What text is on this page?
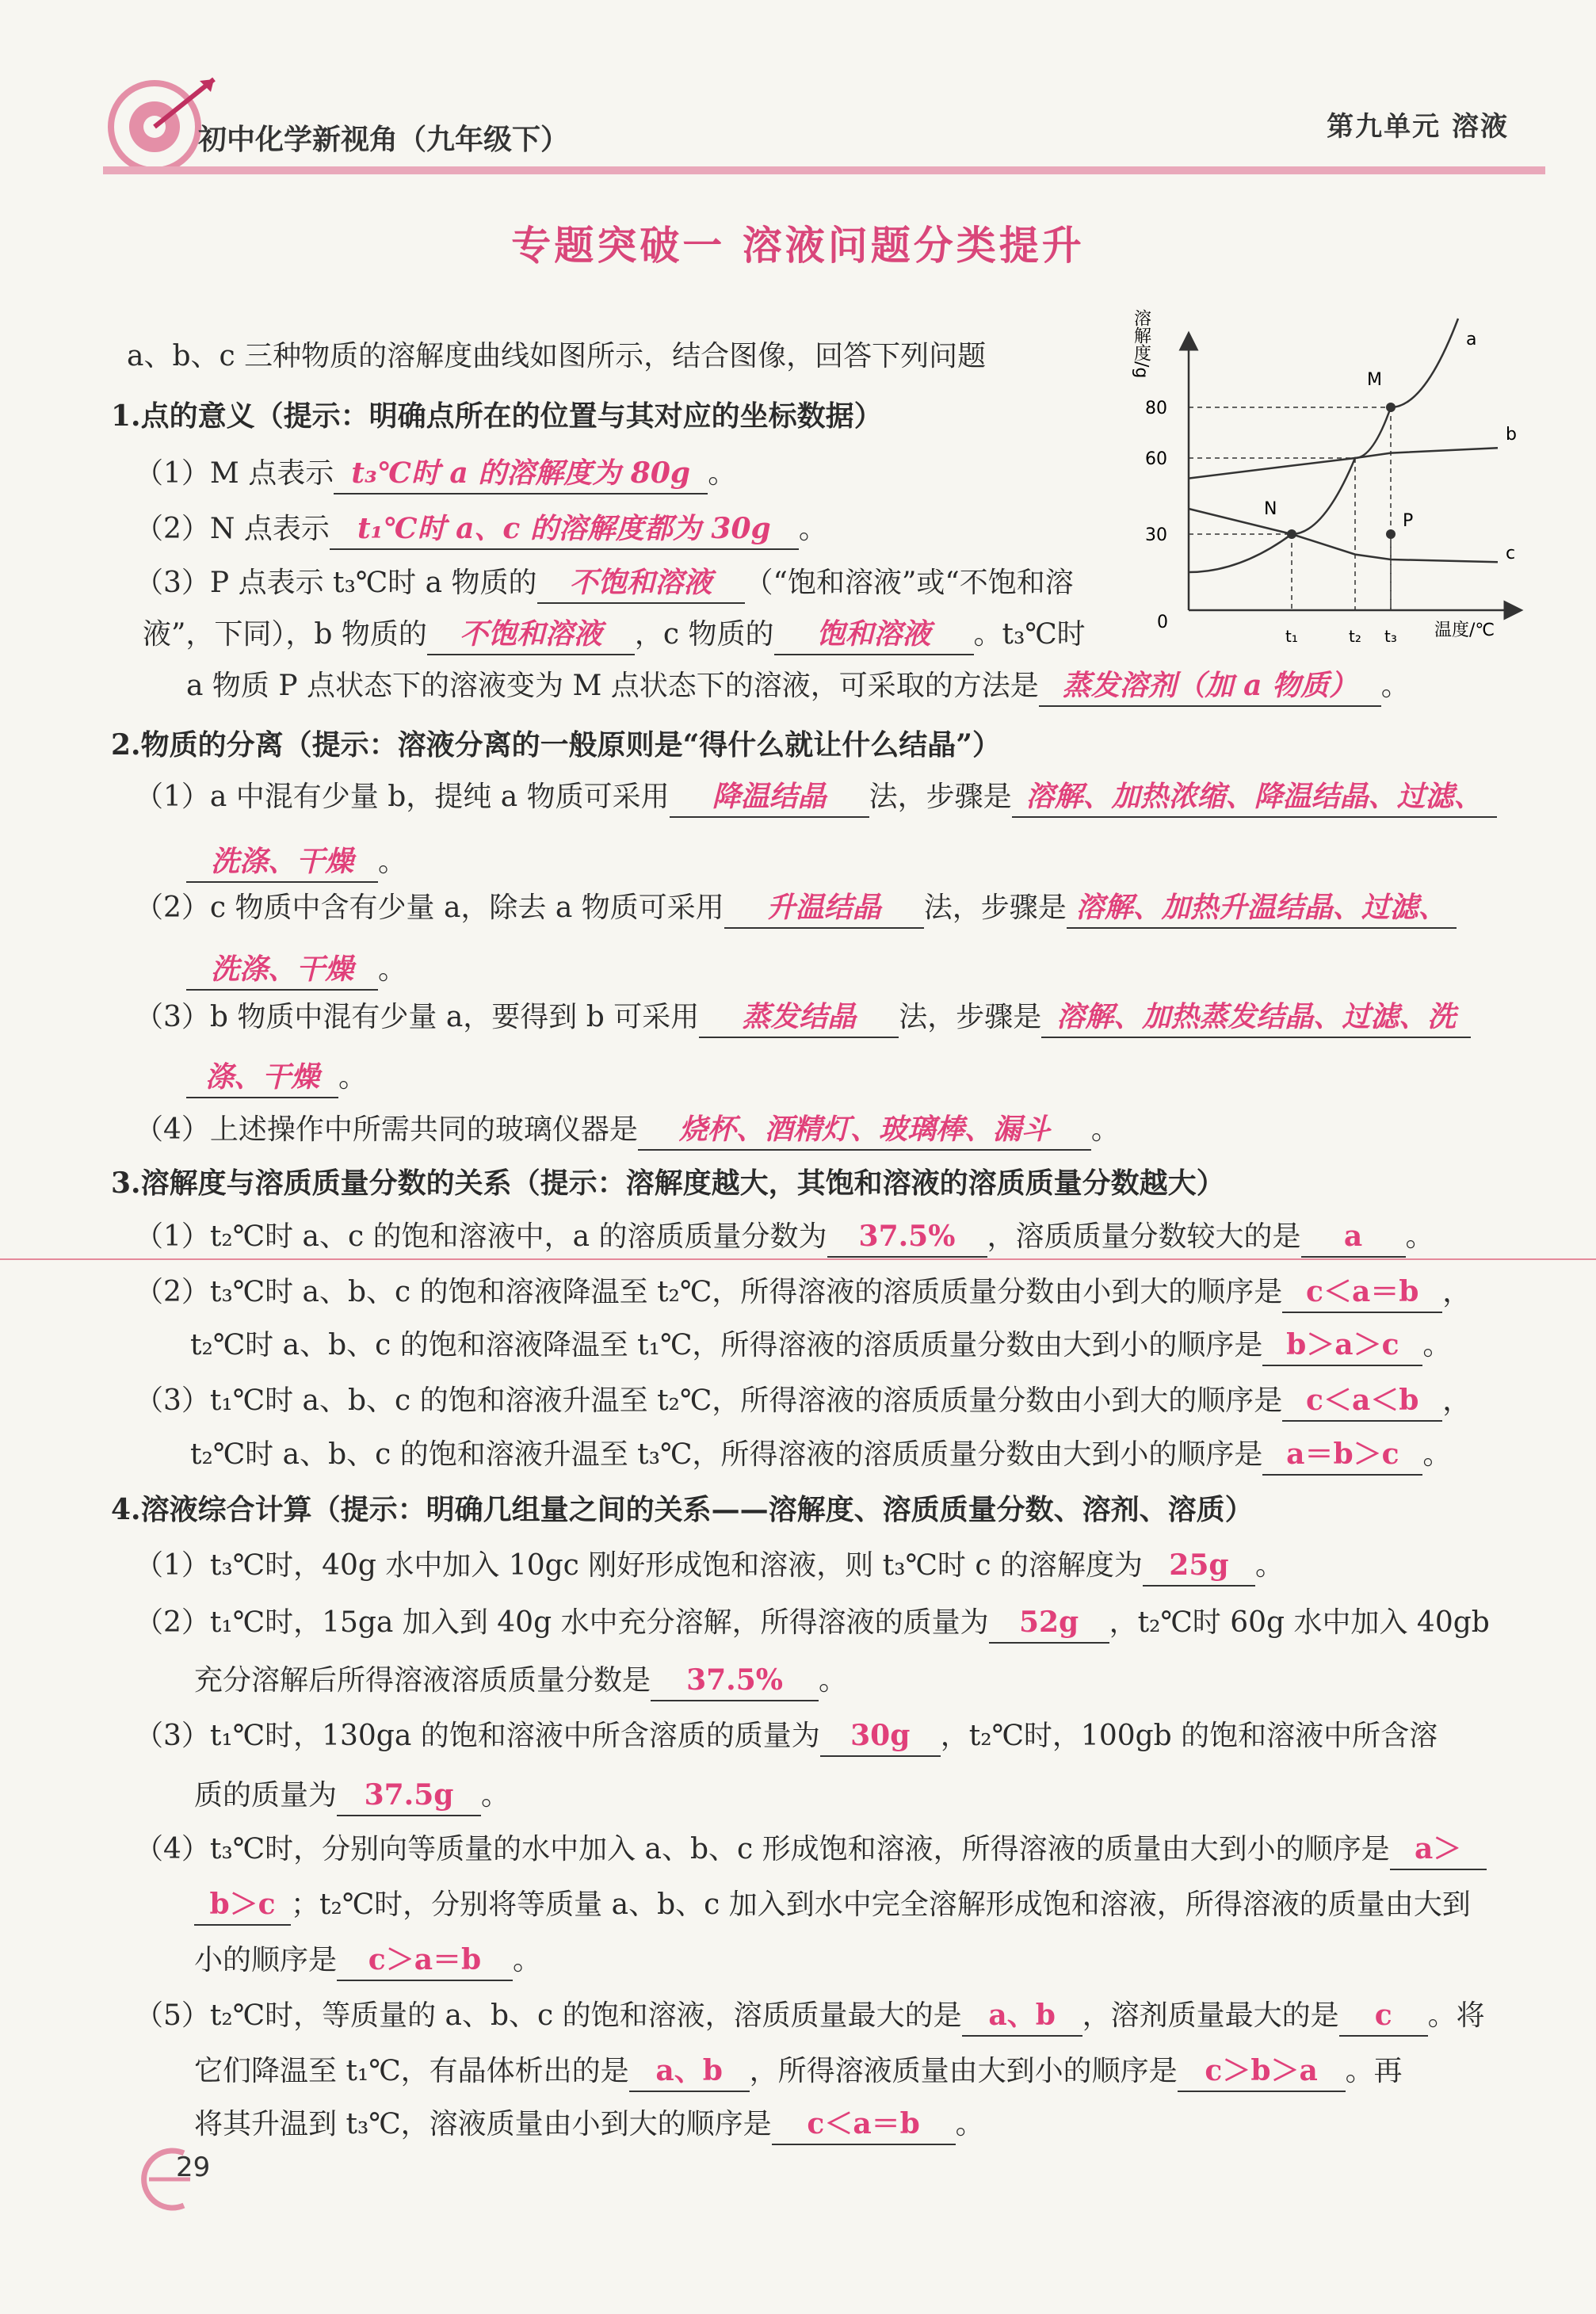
初中化学新视角（九年级下）	第九单元 溶液
专题突破一 溶液问题分类提升
溶解度/g
温度/℃
0
80
60
30
t₁	t₂ t₃
a
b
c
M
N
P
a、b、c 三种物质的溶解度曲线如图所示，结合图像，回答下列问题
1.点的意义（提示：明确点所在的位置与其对应的坐标数据）
（1）M 点表示 t₃℃时 a 的溶解度为 80g 。
（2）N 点表示 t₁℃时 a、c 的溶解度都为 30g 。
（3）P 点表示 t₃℃时 a 物质的 不饱和溶液 （“饱和溶液”或“不饱和溶
液”，下同），b 物质的 不饱和溶液 ，c 物质的 饱和溶液 。t₃℃时
a 物质 P 点状态下的溶液变为 M 点状态下的溶液，可采取的方法是 蒸发溶剂（加 a 物质） 。
2.物质的分离（提示：溶液分离的一般原则是“得什么就让什么结晶”）
（1）a 中混有少量 b，提纯 a 物质可采用 降温结晶 法，步骤是 溶解、加热浓缩、降温结晶、过滤、
洗涤、干燥 。
（2）c 物质中含有少量 a，除去 a 物质可采用 升温结晶 法，步骤是 溶解、加热升温结晶、过滤、
洗涤、干燥 。
（3）b 物质中混有少量 a，要得到 b 可采用 蒸发结晶 法，步骤是 溶解、加热蒸发结晶、过滤、洗
涤、干燥 。
（4）上述操作中所需共同的玻璃仪器是 烧杯、酒精灯、玻璃棒、漏斗 。
3.溶解度与溶质质量分数的关系（提示：溶解度越大，其饱和溶液的溶质质量分数越大）
（1）t₂℃时 a、c 的饱和溶液中，a 的溶质质量分数为 37.5% ，溶质质量分数较大的是 a 。
（2）t₃℃时 a、b、c 的饱和溶液降温至 t₂℃，所得溶液的溶质质量分数由小到大的顺序是 c＜a＝b ，
t₂℃时 a、b、c 的饱和溶液降温至 t₁℃，所得溶液的溶质质量分数由大到小的顺序是 b＞a＞c 。
（3）t₁℃时 a、b、c 的饱和溶液升温至 t₂℃，所得溶液的溶质质量分数由小到大的顺序是 c＜a＜b ，
t₂℃时 a、b、c 的饱和溶液升温至 t₃℃，所得溶液的溶质质量分数由大到小的顺序是 a＝b＞c 。
4.溶液综合计算（提示：明确几组量之间的关系——溶解度、溶质质量分数、溶剂、溶质）
（1）t₃℃时，40g 水中加入 10gc 刚好形成饱和溶液，则 t₃℃时 c 的溶解度为 25g 。
（2）t₁℃时，15ga 加入到 40g 水中充分溶解，所得溶液的质量为 52g ，t₂℃时 60g 水中加入 40gb
充分溶解后所得溶液溶质质量分数是 37.5% 。
（3）t₁℃时，130ga 的饱和溶液中所含溶质的质量为 30g ，t₂℃时，100gb 的饱和溶液中所含溶
质的质量为 37.5g 。
（4）t₃℃时，分别向等质量的水中加入 a、b、c 形成饱和溶液，所得溶液的质量由大到小的顺序是 a＞
b＞c ；t₂℃时，分别将等质量 a、b、c 加入到水中完全溶解形成饱和溶液，所得溶液的质量由大到
小的顺序是 c＞a＝b 。
（5）t₂℃时，等质量的 a、b、c 的饱和溶液，溶质质量最大的是 a、b ，溶剂质量最大的是 c 。将
它们降温至 t₁℃，有晶体析出的是 a、b ，所得溶液质量由大到小的顺序是 c＞b＞a 。再
将其升温到 t₃℃，溶液质量由小到大的顺序是 c＜a＝b 。
29
